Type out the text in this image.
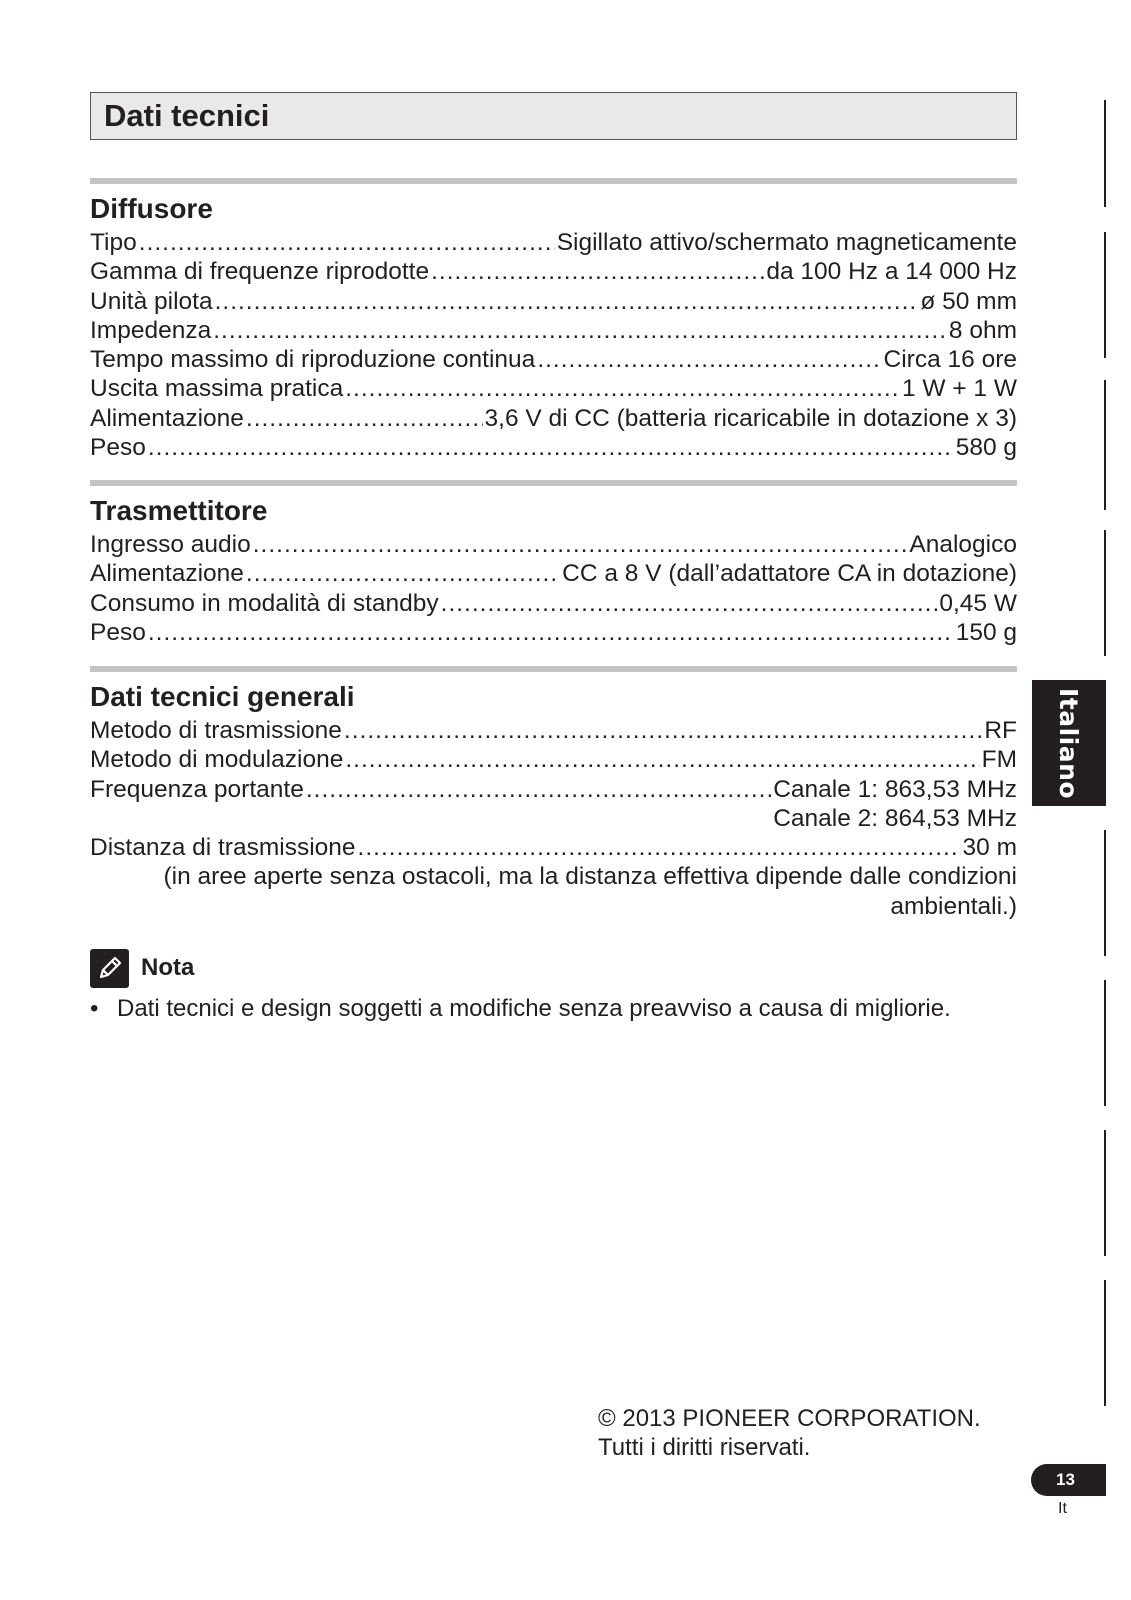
Dati tecnici
Diffusore
Tipo .....	Sigillato attivo/schermato magneticamente
Gamma di frequenze riprodotte .....	da 100 Hz a 14 000 Hz
Unità pilota .....	ø 50 mm
Impedenza .....	8 ohm
Tempo massimo di riproduzione continua .....	Circa 16 ore
Uscita massima pratica .....	1 W + 1 W
Alimentazione .....	3,6 V di CC (batteria ricaricabile in dotazione x 3)
Peso .....	580 g
Trasmettitore
Ingresso audio .....	Analogico
Alimentazione .....	CC a 8 V (dall’adattatore CA in dotazione)
Consumo in modalità di standby .....	0,45 W
Peso .....	150 g
Dati tecnici generali
Metodo di trasmissione .....	RF
Metodo di modulazione .....	FM
Frequenza portante .....	Canale 1: 863,53 MHz
Canale 2: 864,53 MHz
Distanza di trasmissione .....	30 m
(in aree aperte senza ostacoli, ma la distanza effettiva dipende dalle condizioni
ambientali.)
Nota
• Dati tecnici e design soggetti a modifiche senza preavviso a causa di migliorie.
Italiano
© 2013 PIONEER CORPORATION.
Tutti i diritti riservati.
13
It
